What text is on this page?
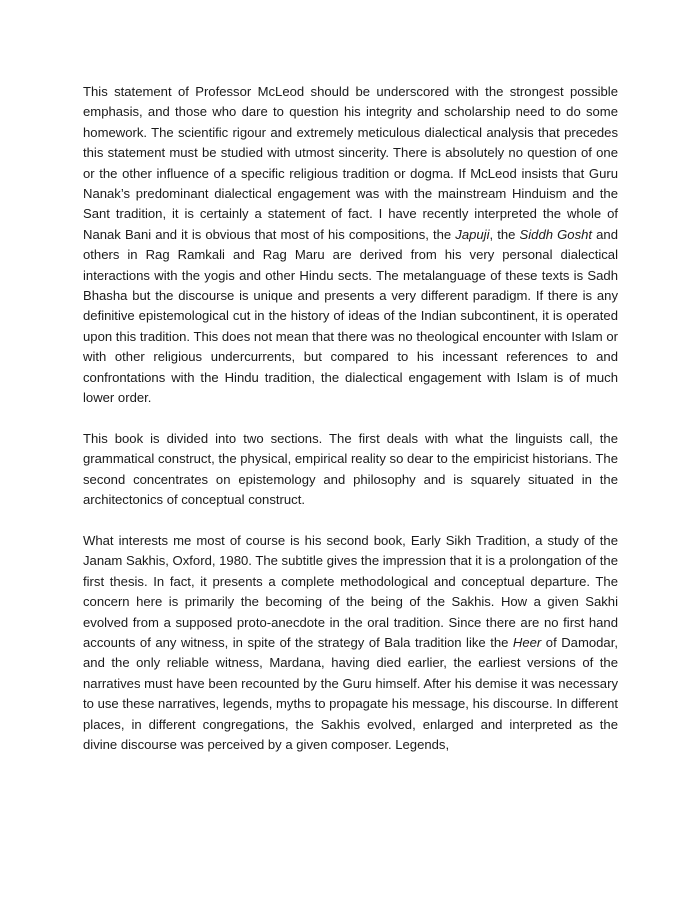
This statement of Professor McLeod should be underscored with the strongest possible emphasis, and those who dare to question his integrity and scholarship need to do some homework. The scientific rigour and extremely meticulous dialectical analysis that precedes this statement must be studied with utmost sincerity. There is absolutely no question of one or the other influence of a specific religious tradition or dogma. If McLeod insists that Guru Nanak’s predominant dialectical engagement was with the mainstream Hinduism and the Sant tradition, it is certainly a statement of fact. I have recently interpreted the whole of Nanak Bani and it is obvious that most of his compositions, the Japuji, the Siddh Gosht and others in Rag Ramkali and Rag Maru are derived from his very personal dialectical interactions with the yogis and other Hindu sects. The metalanguage of these texts is Sadh Bhasha but the discourse is unique and presents a very different paradigm. If there is any definitive epistemological cut in the history of ideas of the Indian subcontinent, it is operated upon this tradition. This does not mean that there was no theological encounter with Islam or with other religious undercurrents, but compared to his incessant references to and confrontations with the Hindu tradition, the dialectical engagement with Islam is of much lower order.

This book is divided into two sections. The first deals with what the linguists call, the grammatical construct, the physical, empirical reality so dear to the empiricist historians. The second concentrates on epistemology and philosophy and is squarely situated in the architectonics of conceptual construct.

What interests me most of course is his second book, Early Sikh Tradition, a study of the Janam Sakhis, Oxford, 1980. The subtitle gives the impression that it is a prolongation of the first thesis. In fact, it presents a complete methodological and conceptual departure. The concern here is primarily the becoming of the being of the Sakhis. How a given Sakhi evolved from a supposed proto-anecdote in the oral tradition. Since there are no first hand accounts of any witness, in spite of the strategy of Bala tradition like the Heer of Damodar, and the only reliable witness, Mardana, having died earlier, the earliest versions of the narratives must have been recounted by the Guru himself. After his demise it was necessary to use these narratives, legends, myths to propagate his message, his discourse. In different places, in different congregations, the Sakhis evolved, enlarged and interpreted as the divine discourse was perceived by a given composer. Legends,
